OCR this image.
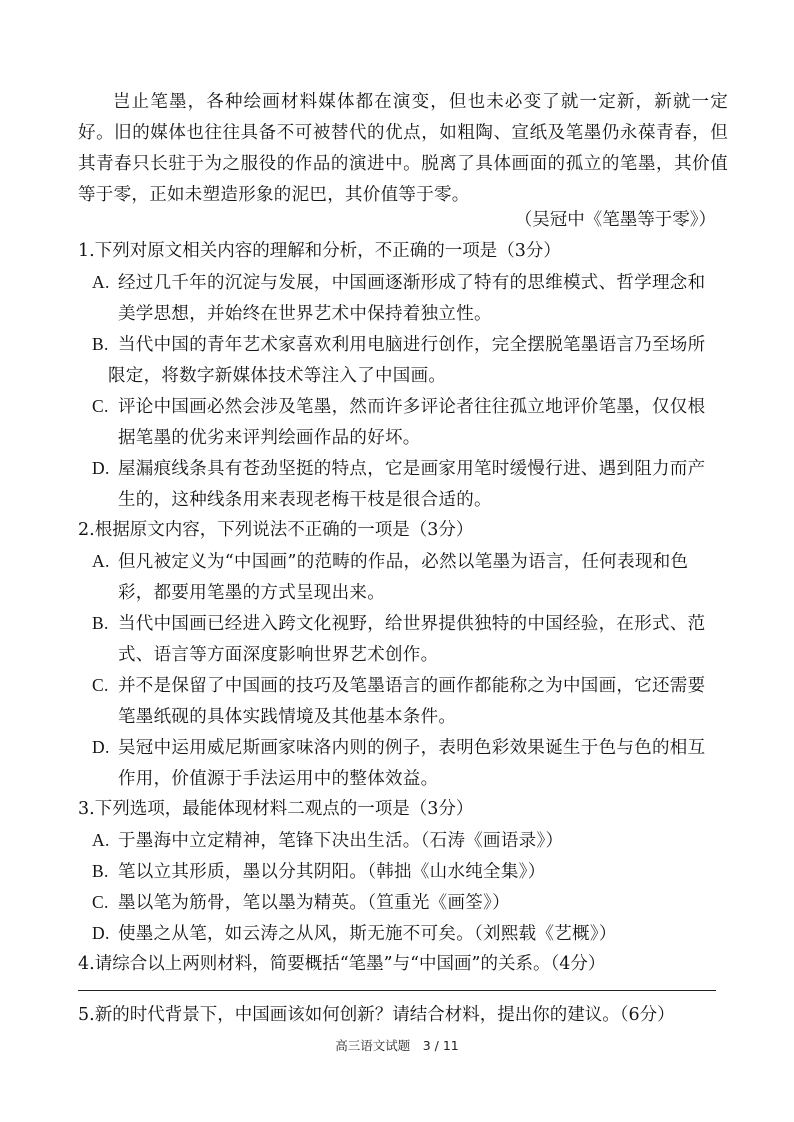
岂止笔墨，各种绘画材料媒体都在演变，但也未必变了就一定新，新就一定好。旧的媒体也往往具备不可被替代的优点，如粗陶、宣纸及笔墨仍永葆青春，但其青春只长驻于为之服役的作品的演进中。脱离了具体画面的孤立的笔墨，其价值等于零，正如未塑造形象的泥巴，其价值等于零。
（吴冠中《笔墨等于零》）
1.下列对原文相关内容的理解和分析，不正确的一项是（3分）
A. 经过几千年的沉淀与发展，中国画逐渐形成了特有的思维模式、哲学理念和
美学思想，并始终在世界艺术中保持着独立性。
B. 当代中国的青年艺术家喜欢利用电脑进行创作，完全摆脱笔墨语言乃至场所
限定，将数字新媒体技术等注入了中国画。
C. 评论中国画必然会涉及笔墨，然而许多评论者往往孤立地评价笔墨，仅仅根
据笔墨的优劣来评判绘画作品的好坏。
D. 屋漏痕线条具有苍劲坚挺的特点，它是画家用笔时缓慢行进、遇到阻力而产
生的，这种线条用来表现老梅干枝是很合适的。
2.根据原文内容，下列说法不正确的一项是（3分）
A. 但凡被定义为“中国画”的范畴的作品，必然以笔墨为语言，任何表现和色
彩，都要用笔墨的方式呈现出来。
B. 当代中国画已经进入跨文化视野，给世界提供独特的中国经验，在形式、范
式、语言等方面深度影响世界艺术创作。
C. 并不是保留了中国画的技巧及笔墨语言的画作都能称之为中国画，它还需要
笔墨纸砚的具体实践情境及其他基本条件。
D. 吴冠中运用威尼斯画家味洛内则的例子，表明色彩效果诞生于色与色的相互
作用，价值源于手法运用中的整体效益。
3.下列选项，最能体现材料二观点的一项是（3分）
A. 于墨海中立定精神，笔锋下决出生活。（石涛《画语录》）
B. 笔以立其形质，墨以分其阴阳。（韩拙《山水纯全集》）
C. 墨以笔为筋骨，笔以墨为精英。（笪重光《画筌》）
D. 使墨之从笔，如云涛之从风，斯无施不可矣。（刘熙载《艺概》）
4.请综合以上两则材料，简要概括“笔墨”与“中国画”的关系。（4分）
5.新的时代背景下，中国画该如何创新？请结合材料，提出你的建议。（6分）
高三语文试题　3 / 11
